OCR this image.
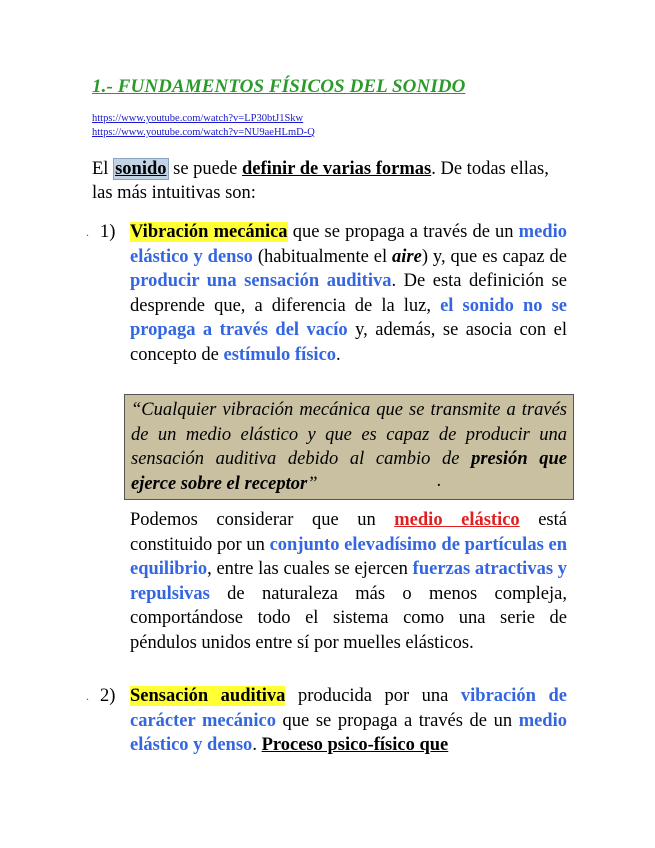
1.- FUNDAMENTOS FÍSICOS DEL SONIDO
https://www.youtube.com/watch?v=LP30btJ1Skw
https://www.youtube.com/watch?v=NU9aeHLmD-Q

El sonido se puede definir de varias formas. De todas ellas, las más intuitivas son:

. 1) Vibración mecánica que se propaga a través de un medio elástico y denso (habitualmente el aire) y, que es capaz de producir una sensación auditiva. De esta definición se desprende que, a diferencia de la luz, el sonido no se propaga a través del vacío y, además, se asocia con el concepto de estímulo físico.
“Cualquier vibración mecánica que se transmite a través de un medio elástico y que es capaz de producir una sensación auditiva debido al cambio de presión que ejerce sobre el receptor”	.

Podemos considerar que un medio elástico está constituido por un conjunto elevadísimo de partículas en equilibrio, entre las cuales se ejercen fuerzas atractivas y repulsivas de naturaleza más o menos compleja, comportándose todo el sistema como una serie de péndulos unidos entre sí por muelles elásticos.

. 2) Sensación auditiva producida por una vibración de carácter mecánico que se propaga a través de un medio elástico y denso. Proceso psico-físico que
